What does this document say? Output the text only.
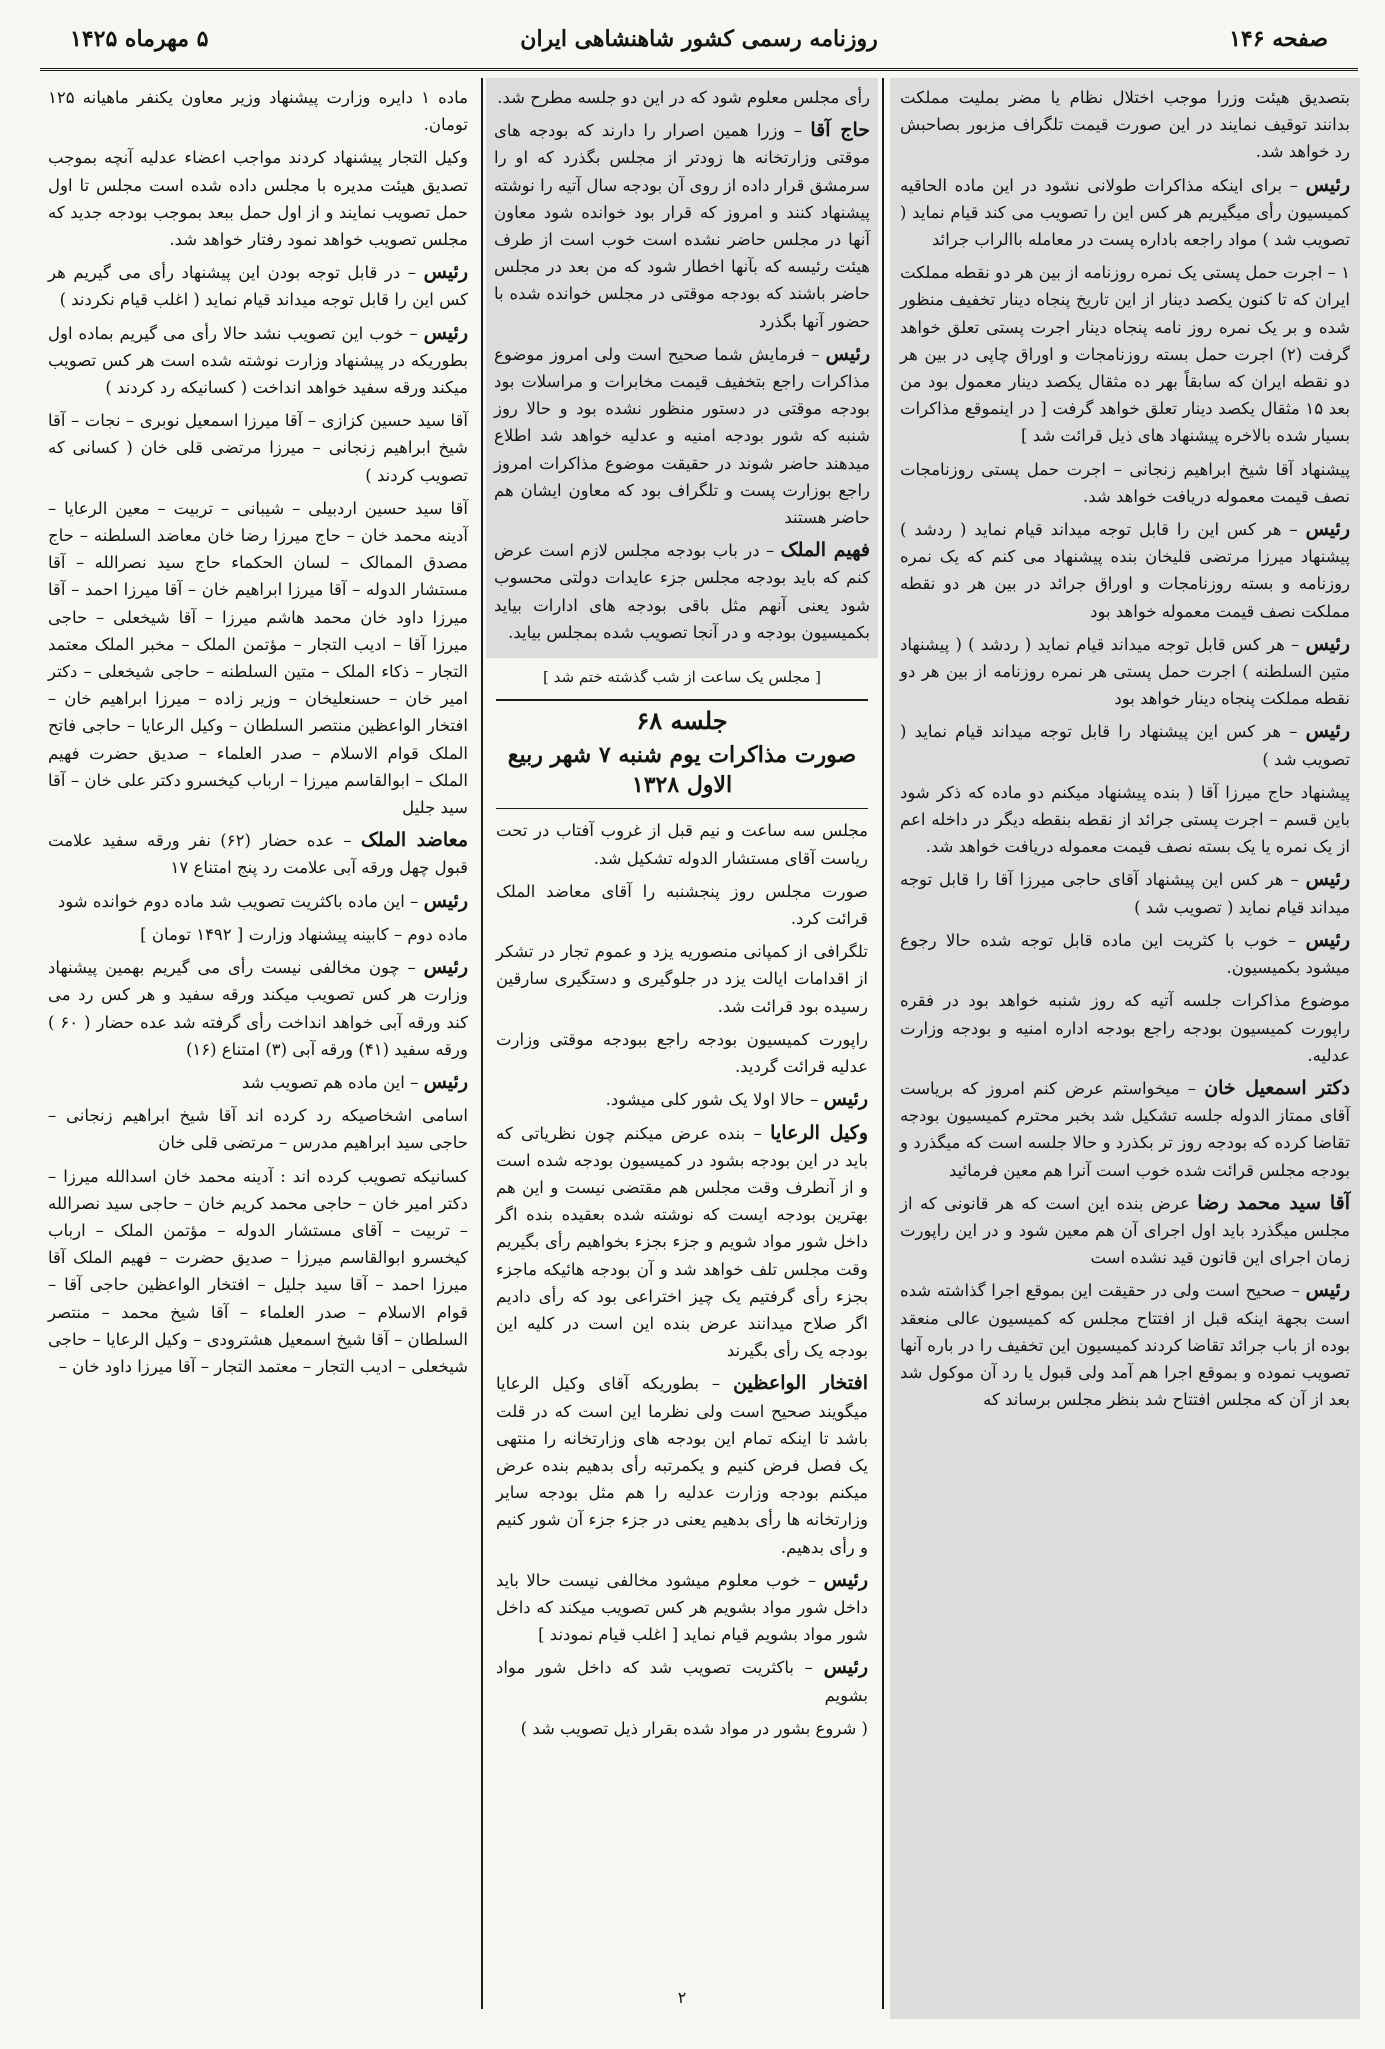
۵ مهرماه ۱۴۲۵	روزنامه رسمی کشور شاهنشاهی ایران	صفحه ۱۴۶

بتصدیق هیئت وزرا موجب اختلال نظام یا مضر بملیت مملکت بدانند توقیف نمایند در این صورت قیمت تلگراف مزبور بصاحبش رد خواهد شد.

رئیس – برای اینکه مذاکرات طولانی نشود در این ماده الحاقیه کمیسیون رأی میگیریم هر کس این را تصویب می کند قیام نماید ( تصویب شد ) مواد راجعه باداره پست در معامله باالراب جرائد

۱ – اجرت حمل پستی یک نمره روزنامه از بین هر دو نقطه مملکت ایران که تا کنون یکصد دینار از این تاریخ پنجاه دینار تخفیف منظور شده و بر یک نمره روز نامه پنجاه دینار اجرت پستی تعلق خواهد گرفت (۲) اجرت حمل بسته روزنامجات و اوراق چاپی در بین هر دو نقطه ایران که سابقاً بهر ده مثقال یکصد دینار معمول بود من بعد ۱۵ مثقال یکصد دینار تعلق خواهد گرفت [ در اینموقع مذاکرات بسیار شده بالاخره پیشنهاد های ذیل قرائت شد ]

پیشنهاد آقا شیخ ابراهیم زنجانی – اجرت حمل پستی روزنامجات نصف قیمت معموله دریافت خواهد شد.

رئیس – هر کس این را قابل توجه میداند قیام نماید ( ردشد ) پیشنهاد میرزا مرتضی قلیخان بنده پیشنهاد می کنم که یک نمره روزنامه و بسته روزنامجات و اوراق جرائد در بین هر دو نقطه مملکت نصف قیمت معموله خواهد بود

رئیس – هر کس قابل توجه میداند قیام نماید ( ردشد ) ( پیشنهاد متین السلطنه ) اجرت حمل پستی هر نمره روزنامه از بین هر دو نقطه مملکت پنجاه دینار خواهد بود

رئیس – هر کس این پیشنهاد را قابل توجه میداند قیام نماید ( تصویب شد )

پیشنهاد حاج میرزا آقا ( بنده پیشنهاد میکنم دو ماده که ذکر شود باین قسم – اجرت پستی جرائد از نقطه بنقطه دیگر در داخله اعم از یک نمره یا یک بسته نصف قیمت معموله دریافت خواهد شد.

رئیس – هر کس این پیشنهاد آقای حاجی میرزا آقا را قابل توجه میداند قیام نماید ( تصویب شد )

رئیس – خوب با کثریت این ماده قابل توجه شده حالا رجوع میشود بکمیسیون.

موضوع مذاکرات جلسه آتیه که روز شنبه خواهد بود در فقره راپورت کمیسیون بودجه راجع بودجه اداره امنیه و بودجه وزارت عدلیه.

دکتر اسمعیل خان – میخواستم عرض کنم امروز که بریاست آقای ممتاز الدوله جلسه تشکیل شد بخبر محترم کمیسیون بودجه تقاضا کرده که بودجه روز تر بکذرد و حالا جلسه است که میگذرد و بودجه مجلس قرائت شده خوب است آنرا هم معین فرمائید

آقا سید محمد رضا عرض بنده این است که هر قانونی که از مجلس میگذرد باید اول اجرای آن هم معین شود و در این راپورت زمان اجرای این قانون قید نشده است

رئیس – صحیح است ولی در حقیقت این بموقع اجرا گذاشته شده است بجهة اینکه قبل از افتتاح مجلس که کمیسیون عالی منعقد بوده از باب جرائد تقاضا کردند کمیسیون این تخفیف را در باره آنها تصویب نموده و بموقع اجرا هم آمد ولی قبول یا رد آن موکول شد بعد از آن که مجلس افتتاح شد بنظر مجلس برساند که

رأی مجلس معلوم شود که در این دو جلسه مطرح شد.

حاج آقا – وزرا همین اصرار را دارند که بودجه های موقتی وزارتخانه ها زودتر از مجلس بگذرد که او را سرمشق قرار داده از روی آن بودجه سال آتیه را نوشته پیشنهاد کنند و امروز که قرار بود خوانده شود معاون آنها در مجلس حاضر نشده است خوب است از طرف هیئت رئیسه که بآنها اخطار شود که من بعد در مجلس حاضر باشند که بودجه موقتی در مجلس خوانده شده با حضور آنها بگذرد

رئیس – فرمایش شما صحیح است ولی امروز موضوع مذاکرات راجع بتخفیف قیمت مخابرات و مراسلات بود بودجه موقتی در دستور منظور نشده بود و حالا روز شنبه که شور بودجه امنیه و عدلیه خواهد شد اطلاع میدهند حاضر شوند در حقیقت موضوع مذاکرات امروز راجع بوزارت پست و تلگراف بود که معاون ایشان هم حاضر هستند

فهیم الملک – در باب بودجه مجلس لازم است عرض کنم که باید بودجه مجلس جزء عایدات دولتی محسوب شود یعنی آنهم مثل باقی بودجه های ادارات بیاید بکمیسیون بودجه و در آنجا تصویب شده بمجلس بیاید.

[ مجلس یک ساعت از شب گذشته ختم شد ]
جلسه ۶۸
صورت مذاکرات یوم شنبه ۷ شهر ربیع الاول ۱۳۲۸

مجلس سه ساعت و نیم قبل از غروب آفتاب در تحت ریاست آقای مستشار الدوله تشکیل شد.

صورت مجلس روز پنجشنبه را آقای معاضد الملک قرائت کرد.

تلگرافی از کمپانی منصوریه یزد و عموم تجار در تشکر از اقدامات ایالت یزد در جلوگیری و دستگیری سارقین رسیده بود قرائت شد.

راپورت کمیسیون بودجه راجع ببودجه موقتی وزارت عدلیه قرائت گردید.

رئیس – حالا اولا یک شور کلی میشود.

وکیل الرعایا – بنده عرض میکنم چون نظریاتی که باید در این بودجه بشود در کمیسیون بودجه شده است و از آنطرف وقت مجلس هم مقتضی نیست و این هم بهترین بودجه ایست که نوشته شده بعقیده بنده اگر داخل شور مواد شویم و جزء بجزء بخواهیم رأی بگیریم وقت مجلس تلف خواهد شد و آن بودجه هائیکه ماجزء بجزء رأی گرفتیم یک چیز اختراعی بود که رأی دادیم اگر صلاح میدانند عرض بنده این است در کلیه این بودجه یک رأی بگیرند

افتخار الواعظین – بطوریکه آقای وکیل الرعایا میگویند صحیح است ولی نظرما این است که در قلت باشد تا اینکه تمام این بودجه های وزارتخانه را منتهی یک فصل فرض کنیم و یکمرتبه رأی بدهیم بنده عرض میکنم بودجه وزارت عدلیه را هم مثل بودجه سایر وزارتخانه ها رأی بدهیم یعنی در جزء جزء آن شور کنیم و رأی بدهیم.

رئیس – خوب معلوم میشود مخالفی نیست حالا باید داخل شور مواد بشویم هر کس تصویب میکند که داخل شور مواد بشویم قیام نماید [ اغلب قیام نمودند ]

رئیس – باکثریت تصویب شد که داخل شور مواد بشویم

( شروع بشور در مواد شده بقرار ذیل تصویب شد )

۲

ماده ۱ دایره وزارت پیشنهاد وزیر معاون یکنفر ماهیانه ۱۲۵ تومان.

وکیل التجار پیشنهاد کردند مواجب اعضاء عدلیه آنچه بموجب تصدیق هیئت مدیره با مجلس داده شده است مجلس تا اول حمل تصویب نمایند و از اول حمل ببعد بموجب بودجه جدید که مجلس تصویب خواهد نمود رفتار خواهد شد.

رئیس – در قابل توجه بودن این پیشنهاد رأی می گیریم هر کس این را قابل توجه میداند قیام نماید ( اغلب قیام نکردند )

رئیس – خوب این تصویب نشد حالا رأی می گیریم بماده اول بطوریکه در پیشنهاد وزارت نوشته شده است هر کس تصویب میکند ورقه سفید خواهد انداخت ( کسانیکه رد کردند )

آقا سید حسین کزازی – آقا میرزا اسمعیل نوبری – نجات – آقا شیخ ابراهیم زنجانی – میرزا مرتضی قلی خان ( کسانی که تصویب کردند )

آقا سید حسین اردبیلی – شیبانی – تربیت – معین الرعایا – آدینه محمد خان – حاج میرزا رضا خان معاضد السلطنه – حاج مصدق الممالک – لسان الحکماء حاج سید نصرالله – آقا مستشار الدوله – آقا میرزا ابراهیم خان – آقا میرزا احمد – آقا میرزا داود خان محمد هاشم میرزا – آقا شیخعلی – حاجی میرزا آقا – ادیب التجار – مؤتمن الملک – مخبر الملک معتمد التجار – ذکاء الملک – متین السلطنه – حاجی شیخعلی – دکتر امیر خان – حسنعلیخان – وزیر زاده – میرزا ابراهیم خان – افتخار الواعظین منتصر السلطان – وکیل الرعایا – حاجی فاتح الملک قوام الاسلام – صدر العلماء – صدیق حضرت فهیم الملک – ابوالقاسم میرزا – ارباب کیخسرو دکتر علی خان – آقا سید جلیل

معاضد الملک – عده حضار (۶۲) نفر ورقه سفید علامت قبول چهل ورقه آبی علامت رد پنج امتناع ۱۷

رئیس – این ماده باکثریت تصویب شد ماده دوم خوانده شود

ماده دوم – کابینه پیشنهاد وزارت [ ۱۴۹۲ تومان ]

رئیس – چون مخالفی نیست رأی می گیریم بهمین پیشنهاد وزارت هر کس تصویب میکند ورقه سفید و هر کس رد می کند ورقه آبی خواهد انداخت رأی گرفته شد عده حضار ( ۶۰ ) ورقه سفید (۴۱) ورقه آبی (۳) امتناع (۱۶)

رئیس – این ماده هم تصویب شد

اسامی اشخاصیکه رد کرده اند آقا شیخ ابراهیم زنجانی – حاجی سید ابراهیم مدرس – مرتضی قلی خان

کسانیکه تصویب کرده اند : آدینه محمد خان اسدالله میرزا – دکتر امیر خان – حاجی محمد کریم خان – حاجی سید نصرالله – تربیت – آقای مستشار الدوله – مؤتمن الملک – ارباب کیخسرو ابوالقاسم میرزا – صدیق حضرت – فهیم الملک آقا میرزا احمد – آقا سید جلیل – افتخار الواعظین حاجی آقا – قوام الاسلام – صدر العلماء – آقا شیخ محمد – منتصر السلطان – آقا شیخ اسمعیل هشترودی – وکیل الرعایا – حاجی شیخعلی – ادیب التجار – معتمد التجار – آقا میرزا داود خان –
